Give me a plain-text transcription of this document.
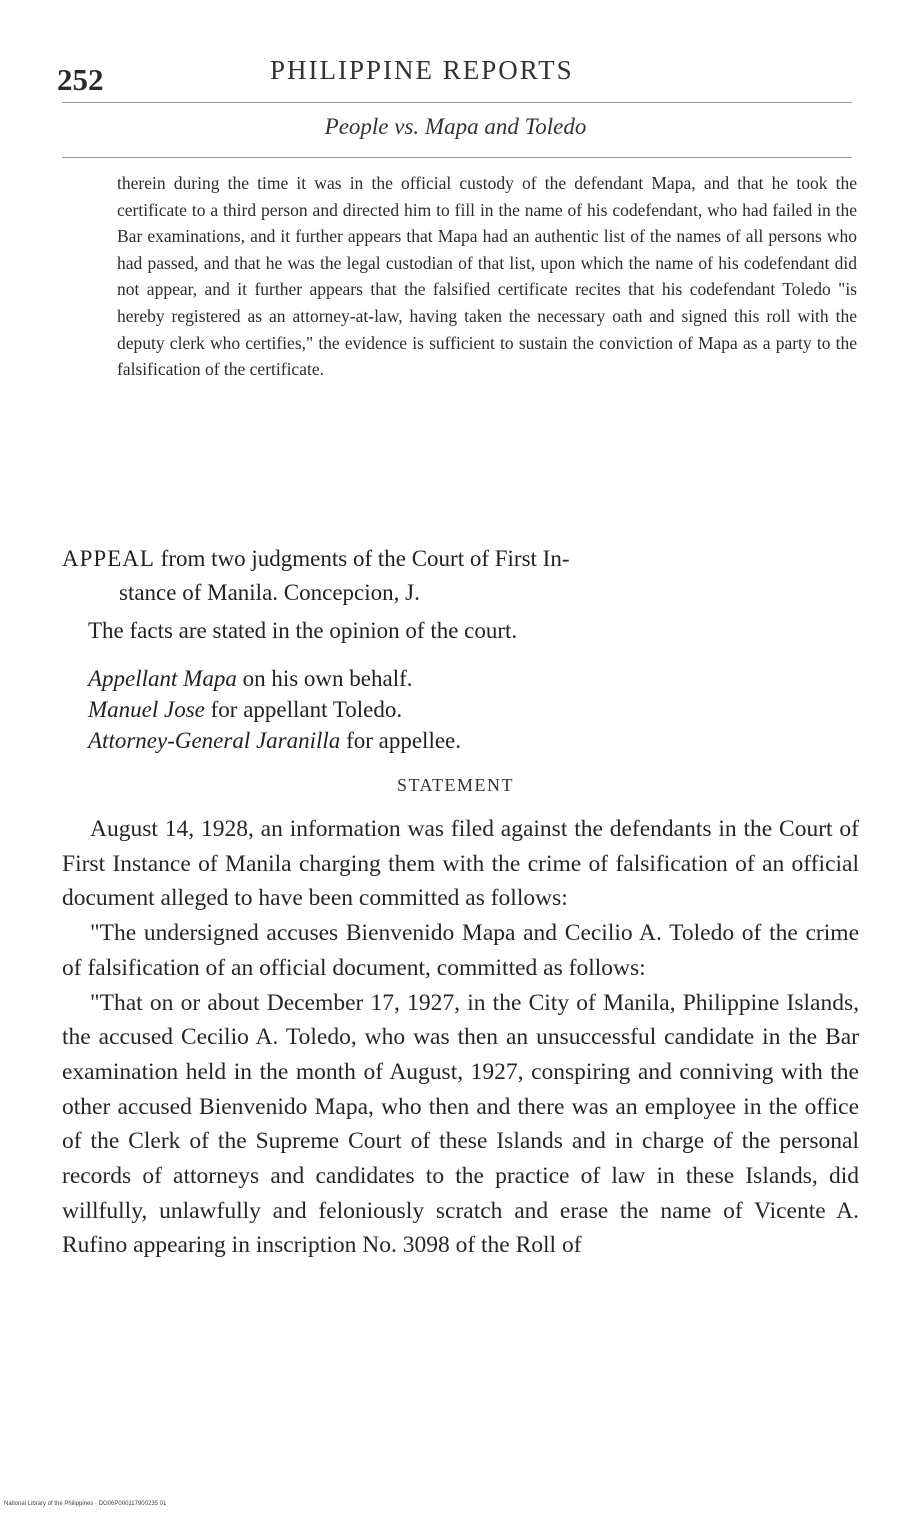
252	PHILIPPINE REPORTS
People vs. Mapa and Toledo

therein during the time it was in the official custody of the defendant Mapa, and that he took the certificate to a third person and directed him to fill in the name of his codefendant, who had failed in the Bar examinations, and it further appears that Mapa had an authentic list of the names of all persons who had passed, and that he was the legal custodian of that list, upon which the name of his codefendant did not appear, and it further appears that the falsified certificate recites that his codefendant Toledo "is hereby registered as an attorney-at-law, having taken the necessary oath and signed this roll with the deputy clerk who certifies," the evidence is sufficient to sustain the conviction of Mapa as a party to the falsification of the certificate.

APPEAL from two judgments of the Court of First In-
stance of Manila. Concepcion, J.

The facts are stated in the opinion of the court.

Appellant Mapa on his own behalf.
Manuel Jose for appellant Toledo.
Attorney-General Jaranilla for appellee.
STATEMENT

August 14, 1928, an information was filed against the defendants in the Court of First Instance of Manila charging them with the crime of falsification of an official document alleged to have been committed as follows:

"The undersigned accuses Bienvenido Mapa and Cecilio A. Toledo of the crime of falsification of an official document, committed as follows:

"That on or about December 17, 1927, in the City of Manila, Philippine Islands, the accused Cecilio A. Toledo, who was then an unsuccessful candidate in the Bar examination held in the month of August, 1927, conspiring and conniving with the other accused Bienvenido Mapa, who then and there was an employee in the office of the Clerk of the Supreme Court of these Islands and in charge of the personal records of attorneys and candidates to the practice of law in these Islands, did willfully, unlawfully and feloniously scratch and erase the name of Vicente A. Rufino appearing in inscription No. 3098 of the Roll of

National Library of the Philippines · DO06P000117900235 01
